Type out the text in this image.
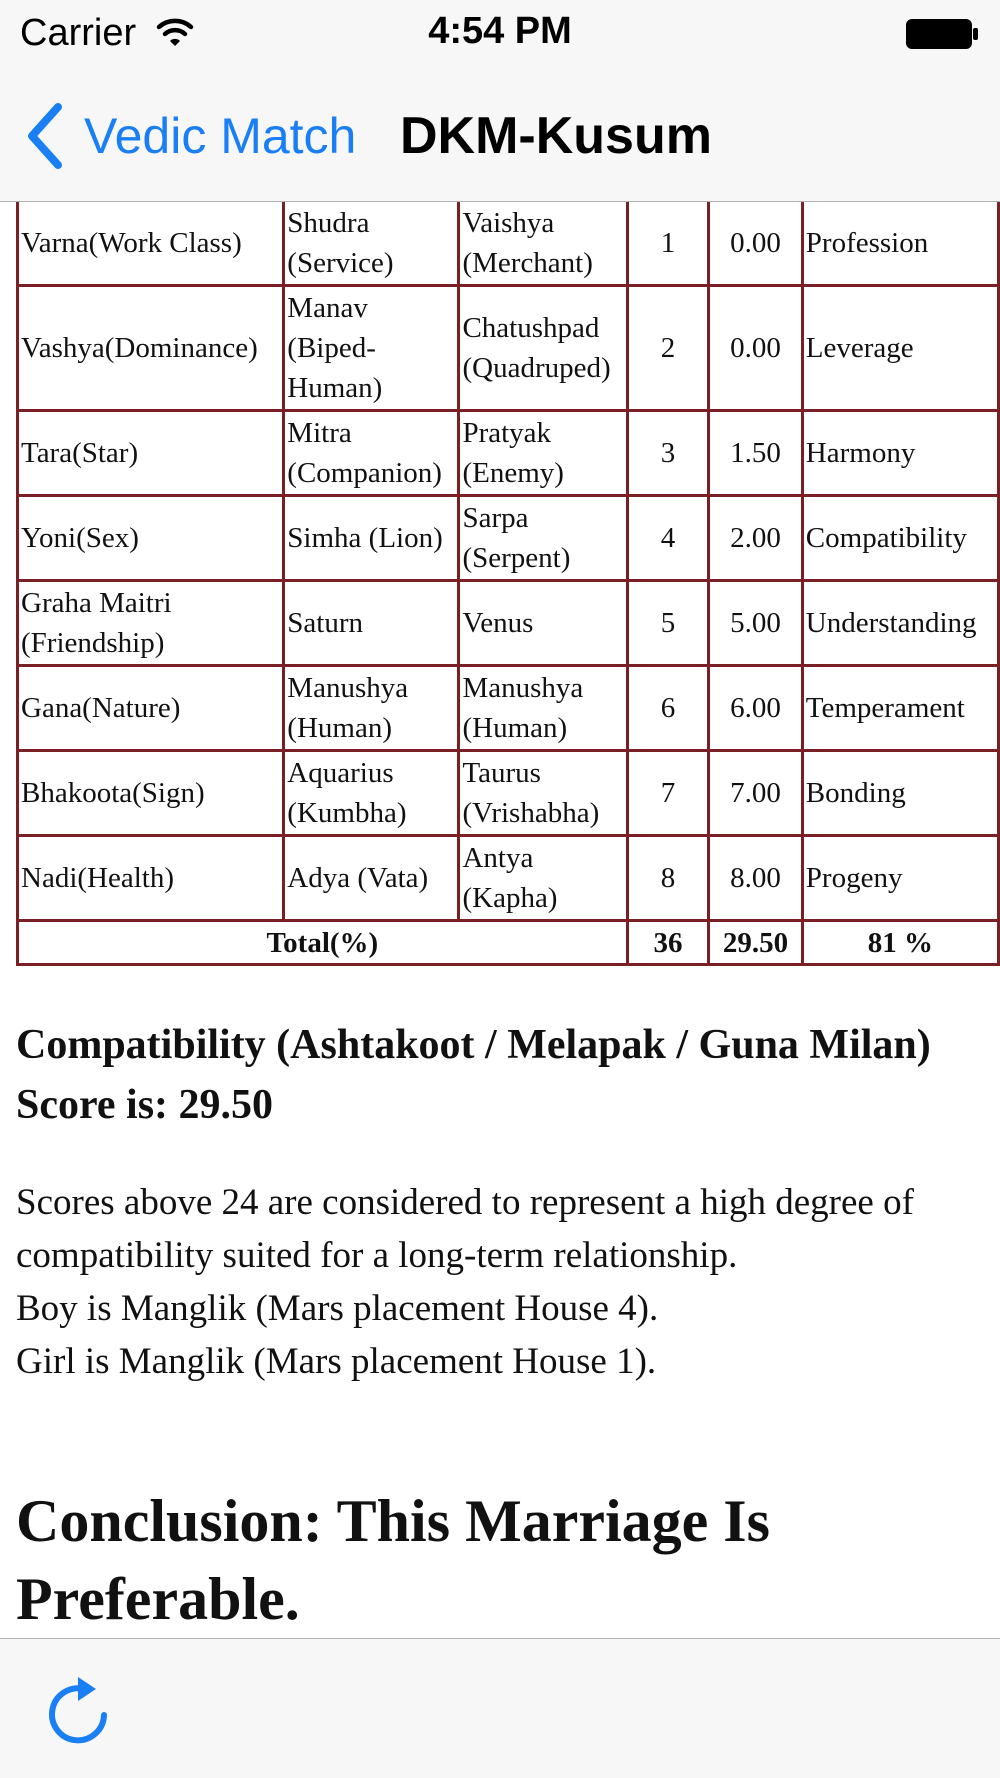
Carrier	4:54 PM
Vedic Match DKM-Kusum
Varna(Work Class)	Shudra (Service)	Vaishya (Merchant)	1	0.00	Profession
Vashya(Dominance)	Manav (Biped-Human)	Chatushpad (Quadruped)	2	0.00	Leverage
Tara(Star)	Mitra (Companion)	Pratyak (Enemy)	3	1.50	Harmony
Yoni(Sex)	Simha (Lion)	Sarpa (Serpent)	4	2.00	Compatibility
Graha Maitri (Friendship)	Saturn	Venus	5	5.00	Understanding
Gana(Nature)	Manushya (Human)	Manushya (Human)	6	6.00	Temperament
Bhakoota(Sign)	Aquarius (Kumbha)	Taurus (Vrishabha)	7	7.00	Bonding
Nadi(Health)	Adya (Vata)	Antya (Kapha)	8	8.00	Progeny
Total(%)			36	29.50	81 %
Compatibility (Ashtakoot / Melapak / Guna Milan) Score is: 29.50
Scores above 24 are considered to represent a high degree of compatibility suited for a long-term relationship.
Boy is Manglik (Mars placement House 4).
Girl is Manglik (Mars placement House 1).
Conclusion: This Marriage Is Preferable.
